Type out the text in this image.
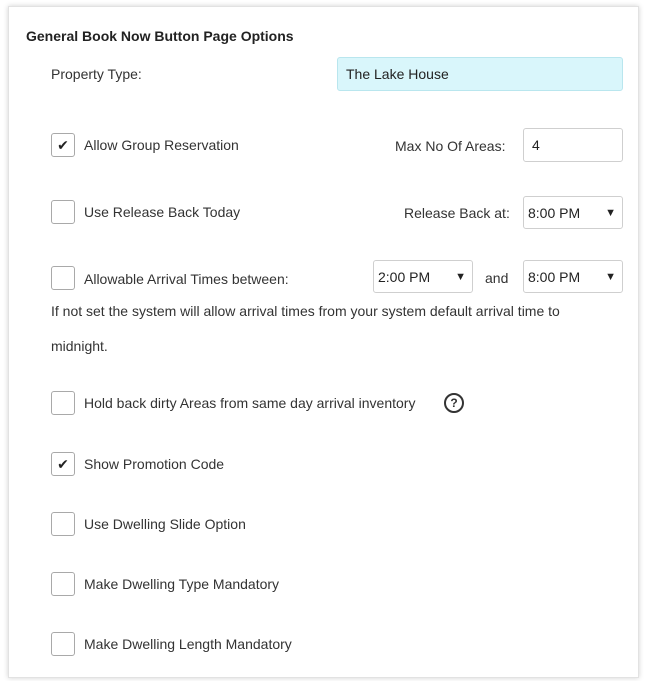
General Book Now Button Page Options
Property Type:
The Lake House
✔ Allow Group Reservation	Max No Of Areas:
4
Use Release Back Today	Release Back at: 8:00 PM ▼
Allowable Arrival Times between:	2:00 PM ▼ and 8:00 PM ▼
If not set the system will allow arrival times from your system default arrival time to
midnight.
Hold back dirty Areas from same day arrival inventory	?
✔ Show Promotion Code
Use Dwelling Slide Option
Make Dwelling Type Mandatory
Make Dwelling Length Mandatory
